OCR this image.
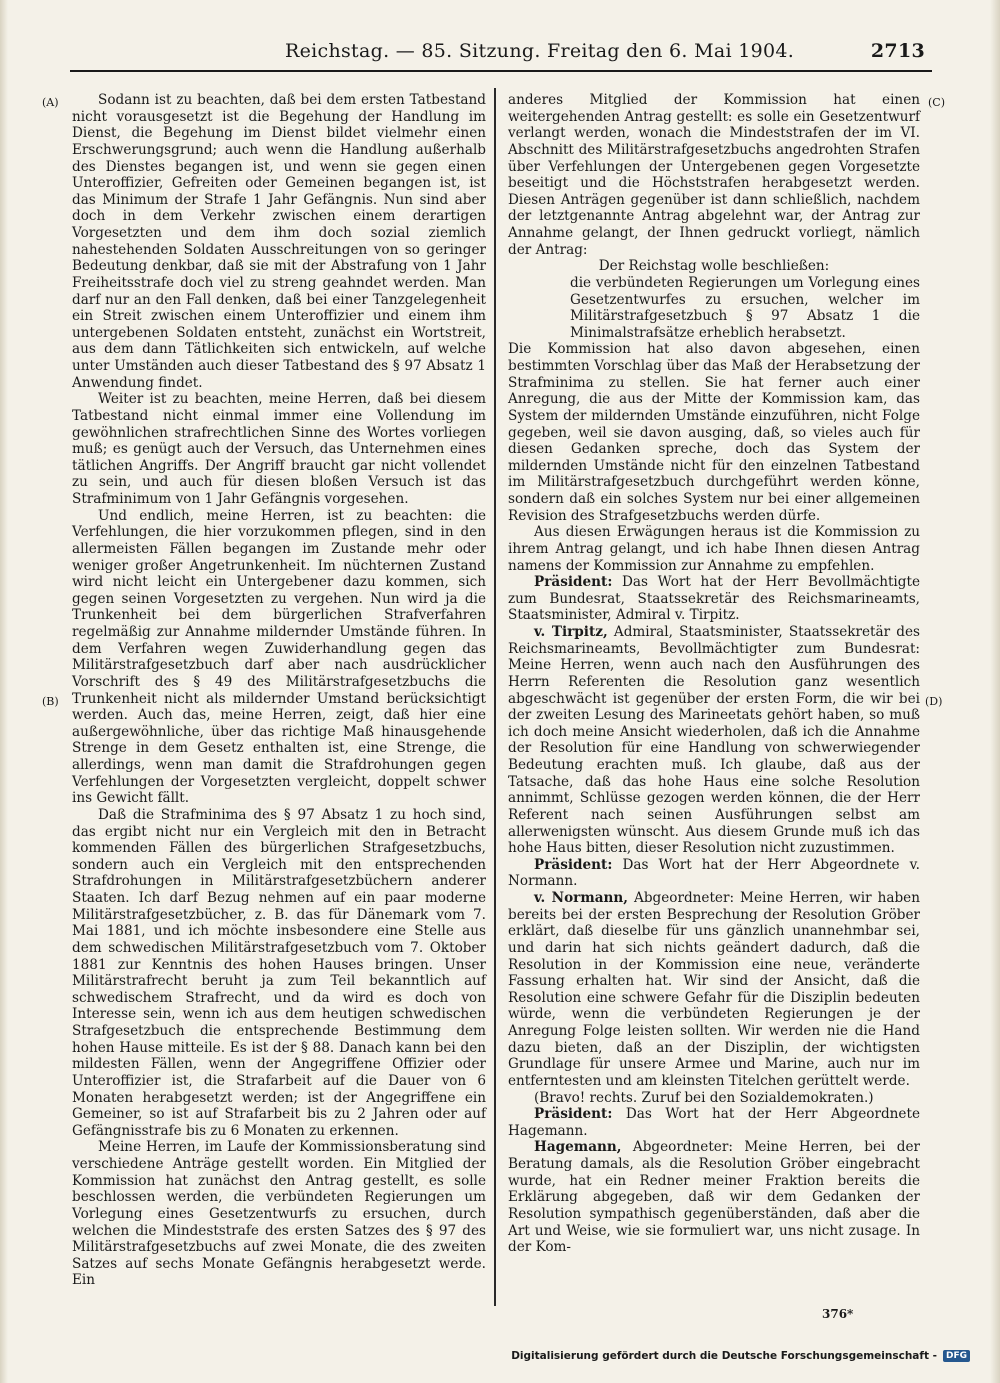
Reichstag. — 85. Sitzung. Freitag den 6. Mai 1904.	2713
(A)
(B)
(C)
(D)

Sodann ist zu beachten, daß bei dem ersten Tatbestand nicht vorausgesetzt ist die Begehung der Handlung im Dienst, die Begehung im Dienst bildet vielmehr einen Erschwerungsgrund; auch wenn die Handlung außerhalb des Dienstes begangen ist, und wenn sie gegen einen Unteroffizier, Gefreiten oder Gemeinen begangen ist, ist das Minimum der Strafe 1 Jahr Gefängnis. Nun sind aber doch in dem Verkehr zwischen einem derartigen Vorgesetzten und dem ihm doch sozial ziemlich nahestehenden Soldaten Ausschreitungen von so geringer Bedeutung denkbar, daß sie mit der Abstrafung von 1 Jahr Freiheitsstrafe doch viel zu streng geahndet werden. Man darf nur an den Fall denken, daß bei einer Tanzgelegenheit ein Streit zwischen einem Unteroffizier und einem ihm untergebenen Soldaten entsteht, zunächst ein Wortstreit, aus dem dann Tätlichkeiten sich entwickeln, auf welche unter Umständen auch dieser Tatbestand des § 97 Absatz 1 Anwendung findet.

Weiter ist zu beachten, meine Herren, daß bei diesem Tatbestand nicht einmal immer eine Vollendung im gewöhnlichen strafrechtlichen Sinne des Wortes vorliegen muß; es genügt auch der Versuch, das Unternehmen eines tätlichen Angriffs. Der Angriff braucht gar nicht vollendet zu sein, und auch für diesen bloßen Versuch ist das Strafminimum von 1 Jahr Gefängnis vorgesehen.

Und endlich, meine Herren, ist zu beachten: die Verfehlungen, die hier vorzukommen pflegen, sind in den allermeisten Fällen begangen im Zustande mehr oder weniger großer Angetrunkenheit. Im nüchternen Zustand wird nicht leicht ein Untergebener dazu kommen, sich gegen seinen Vorgesetzten zu vergehen. Nun wird ja die Trunkenheit bei dem bürgerlichen Strafverfahren regelmäßig zur Annahme mildernder Umstände führen. In dem Verfahren wegen Zuwiderhandlung gegen das Militärstrafgesetzbuch darf aber nach ausdrücklicher Vorschrift des § 49 des Militärstrafgesetzbuchs die Trunkenheit nicht als mildernder Umstand berücksichtigt werden. Auch das, meine Herren, zeigt, daß hier eine außergewöhnliche, über das richtige Maß hinausgehende Strenge in dem Gesetz enthalten ist, eine Strenge, die allerdings, wenn man damit die Strafdrohungen gegen Verfehlungen der Vorgesetzten vergleicht, doppelt schwer ins Gewicht fällt.

Daß die Strafminima des § 97 Absatz 1 zu hoch sind, das ergibt nicht nur ein Vergleich mit den in Betracht kommenden Fällen des bürgerlichen Strafgesetzbuchs, sondern auch ein Vergleich mit den entsprechenden Strafdrohungen in Militärstrafgesetzbüchern anderer Staaten. Ich darf Bezug nehmen auf ein paar moderne Militärstrafgesetzbücher, z. B. das für Dänemark vom 7. Mai 1881, und ich möchte insbesondere eine Stelle aus dem schwedischen Militärstrafgesetzbuch vom 7. Oktober 1881 zur Kenntnis des hohen Hauses bringen. Unser Militärstrafrecht beruht ja zum Teil bekanntlich auf schwedischem Strafrecht, und da wird es doch von Interesse sein, wenn ich aus dem heutigen schwedischen Strafgesetzbuch die entsprechende Bestimmung dem hohen Hause mitteile. Es ist der § 88. Danach kann bei den mildesten Fällen, wenn der Angegriffene Offizier oder Unteroffizier ist, die Strafarbeit auf die Dauer von 6 Monaten herabgesetzt werden; ist der Angegriffene ein Gemeiner, so ist auf Strafarbeit bis zu 2 Jahren oder auf Gefängnisstrafe bis zu 6 Monaten zu erkennen.

Meine Herren, im Laufe der Kommissionsberatung sind verschiedene Anträge gestellt worden. Ein Mitglied der Kommission hat zunächst den Antrag gestellt, es solle beschlossen werden, die verbündeten Regierungen um Vorlegung eines Gesetzentwurfs zu ersuchen, durch welchen die Mindeststrafe des ersten Satzes des § 97 des Militärstrafgesetzbuchs auf zwei Monate, die des zweiten Satzes auf sechs Monate Gefängnis herabgesetzt werde. Ein

anderes Mitglied der Kommission hat einen weitergehenden Antrag gestellt: es solle ein Gesetzentwurf verlangt werden, wonach die Mindeststrafen der im VI. Abschnitt des Militärstrafgesetzbuchs angedrohten Strafen über Verfehlungen der Untergebenen gegen Vorgesetzte beseitigt und die Höchststrafen herabgesetzt werden. Diesen Anträgen gegenüber ist dann schließlich, nachdem der letztgenannte Antrag abgelehnt war, der Antrag zur Annahme gelangt, der Ihnen gedruckt vorliegt, nämlich der Antrag:

Der Reichstag wolle beschließen:

die verbündeten Regierungen um Vorlegung eines Gesetzentwurfes zu ersuchen, welcher im Militärstrafgesetzbuch § 97 Absatz 1 die Minimalstrafsätze erheblich herabsetzt.

Die Kommission hat also davon abgesehen, einen bestimmten Vorschlag über das Maß der Herabsetzung der Strafminima zu stellen. Sie hat ferner auch einer Anregung, die aus der Mitte der Kommission kam, das System der mildernden Umstände einzuführen, nicht Folge gegeben, weil sie davon ausging, daß, so vieles auch für diesen Gedanken spreche, doch das System der mildernden Umstände nicht für den einzelnen Tatbestand im Militärstrafgesetzbuch durchgeführt werden könne, sondern daß ein solches System nur bei einer allgemeinen Revision des Strafgesetzbuchs werden dürfe.

Aus diesen Erwägungen heraus ist die Kommission zu ihrem Antrag gelangt, und ich habe Ihnen diesen Antrag namens der Kommission zur Annahme zu empfehlen.

Präsident: Das Wort hat der Herr Bevollmächtigte zum Bundesrat, Staatssekretär des Reichsmarineamts, Staatsminister, Admiral v. Tirpitz.

v. Tirpitz, Admiral, Staatsminister, Staatssekretär des Reichsmarineamts, Bevollmächtigter zum Bundesrat: Meine Herren, wenn auch nach den Ausführungen des Herrn Referenten die Resolution ganz wesentlich abgeschwächt ist gegenüber der ersten Form, die wir bei der zweiten Lesung des Marineetats gehört haben, so muß ich doch meine Ansicht wiederholen, daß ich die Annahme der Resolution für eine Handlung von schwerwiegender Bedeutung erachten muß. Ich glaube, daß aus der Tatsache, daß das hohe Haus eine solche Resolution annimmt, Schlüsse gezogen werden können, die der Herr Referent nach seinen Ausführungen selbst am allerwenigsten wünscht. Aus diesem Grunde muß ich das hohe Haus bitten, dieser Resolution nicht zuzustimmen.

Präsident: Das Wort hat der Herr Abgeordnete v. Normann.

v. Normann, Abgeordneter: Meine Herren, wir haben bereits bei der ersten Besprechung der Resolution Gröber erklärt, daß dieselbe für uns gänzlich unannehmbar sei, und darin hat sich nichts geändert dadurch, daß die Resolution in der Kommission eine neue, veränderte Fassung erhalten hat. Wir sind der Ansicht, daß die Resolution eine schwere Gefahr für die Disziplin bedeuten würde, wenn die verbündeten Regierungen je der Anregung Folge leisten sollten. Wir werden nie die Hand dazu bieten, daß an der Disziplin, der wichtigsten Grundlage für unsere Armee und Marine, auch nur im entferntesten und am kleinsten Titelchen gerüttelt werde.

(Bravo! rechts. Zuruf bei den Sozialdemokraten.)

Präsident: Das Wort hat der Herr Abgeordnete Hagemann.

Hagemann, Abgeordneter: Meine Herren, bei der Beratung damals, als die Resolution Gröber eingebracht wurde, hat ein Redner meiner Fraktion bereits die Erklärung abgegeben, daß wir dem Gedanken der Resolution sympathisch gegenüberständen, daß aber die Art und Weise, wie sie formuliert war, uns nicht zusage. In der Kom-

376*
Digitalisierung gefördert durch die Deutsche Forschungsgemeinschaft -	DFG
